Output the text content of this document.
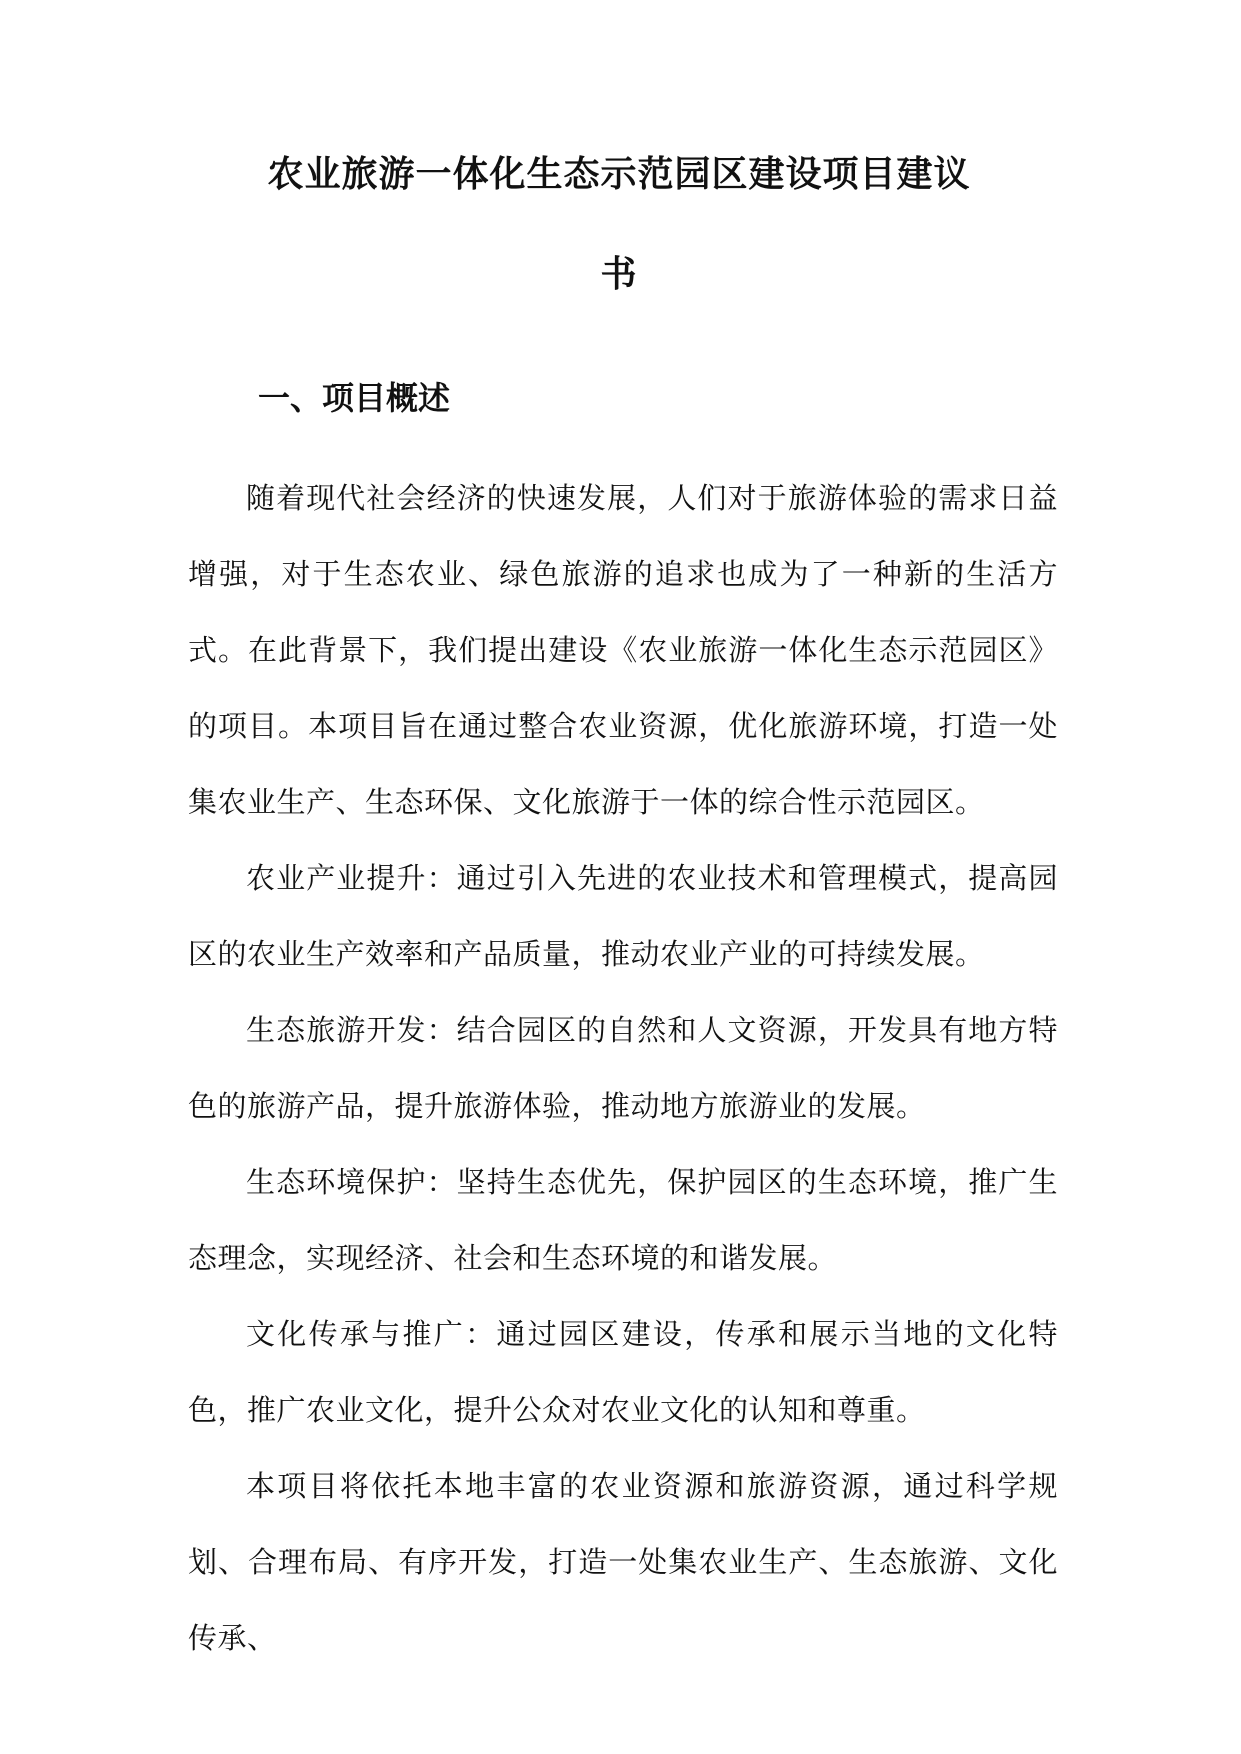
农业旅游一体化生态示范园区建设项目建议
书
一、项目概述

随着现代社会经济的快速发展，人们对于旅游体验的需求日益增强，对于生态农业、绿色旅游的追求也成为了一种新的生活方式。在此背景下，我们提出建设《农业旅游一体化生态示范园区》的项目。本项目旨在通过整合农业资源，优化旅游环境，打造一处集农业生产、生态环保、文化旅游于一体的综合性示范园区。

农业产业提升：通过引入先进的农业技术和管理模式，提高园区的农业生产效率和产品质量，推动农业产业的可持续发展。

生态旅游开发：结合园区的自然和人文资源，开发具有地方特色的旅游产品，提升旅游体验，推动地方旅游业的发展。

生态环境保护：坚持生态优先，保护园区的生态环境，推广生态理念，实现经济、社会和生态环境的和谐发展。

文化传承与推广：通过园区建设，传承和展示当地的文化特色，推广农业文化，提升公众对农业文化的认知和尊重。

本项目将依托本地丰富的农业资源和旅游资源，通过科学规划、合理布局、有序开发，打造一处集农业生产、生态旅游、文化传承、
